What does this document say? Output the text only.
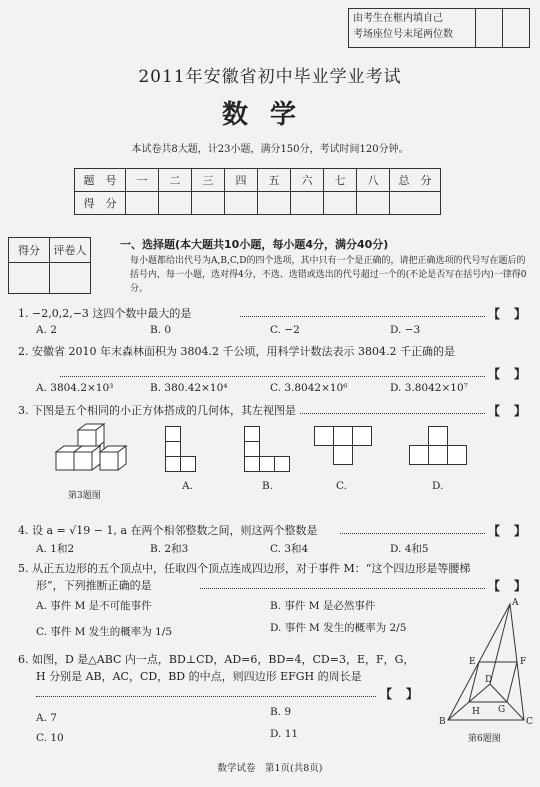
由考生在框内填自己
考场座位号末尾两位数
2011年安徽省初中毕业学业考试
数学
本试卷共8大题，计23小题，满分150分，考试时间120分钟。
题　号	一	二	三	四	五	六	七	八	总　分
得　分									
得分	评卷人
		一、选择题(本大题共10小题，每小题4分，满分40分)
每小题都给出代号为A,B,C,D的四个选项，其中只有一个是正确的，请把正确选项的代号写在题后的括号内，每一小题，选对得4分，不选、选错或选出的代号超过一个的(不论是否写在括号内)一律得0分。
1. −2,0,2,−3 这四个数中最大的是	【 】
A. 2	B. 0	C. −2	D. −3
2. 安徽省 2010 年末森林面积为 3804.2 千公顷，用科学计数法表示 3804.2 千正确的是
【 】
A. 3804.2×10³	B. 380.42×10⁴	C. 3.8042×10⁶	D. 3.8042×10⁷
3. 下图是五个相同的小正方体搭成的几何体，其左视图是	【 】
第3题图
A.	B.	C.	D.
4. 设 a = √19 − 1, a 在两个相邻整数之间，则这两个整数是	【 】
A. 1和2	B. 2和3	C. 3和4	D. 4和5
5. 从正五边形的五个顶点中，任取四个顶点连成四边形，对于事件 M：“这个四边形是等腰梯
形”，下列推断正确的是	【 】
A. 事件 M 是不可能事件	B. 事件 M 是必然事件
C. 事件 M 发生的概率为 1/5	D. 事件 M 发生的概率为 2/5
6. 如图，D 是△ABC 内一点，BD⊥CD，AD=6，BD=4，CD=3，E，F，G，
H 分别是 AB，AC，CD，BD 的中点，则四边形 EFGH 的周长是
【 】
A. 7	B. 9
C. 10	D. 11
A
E	F
D
H G
B	C
第6题图
数学试卷　第1页(共8页)
